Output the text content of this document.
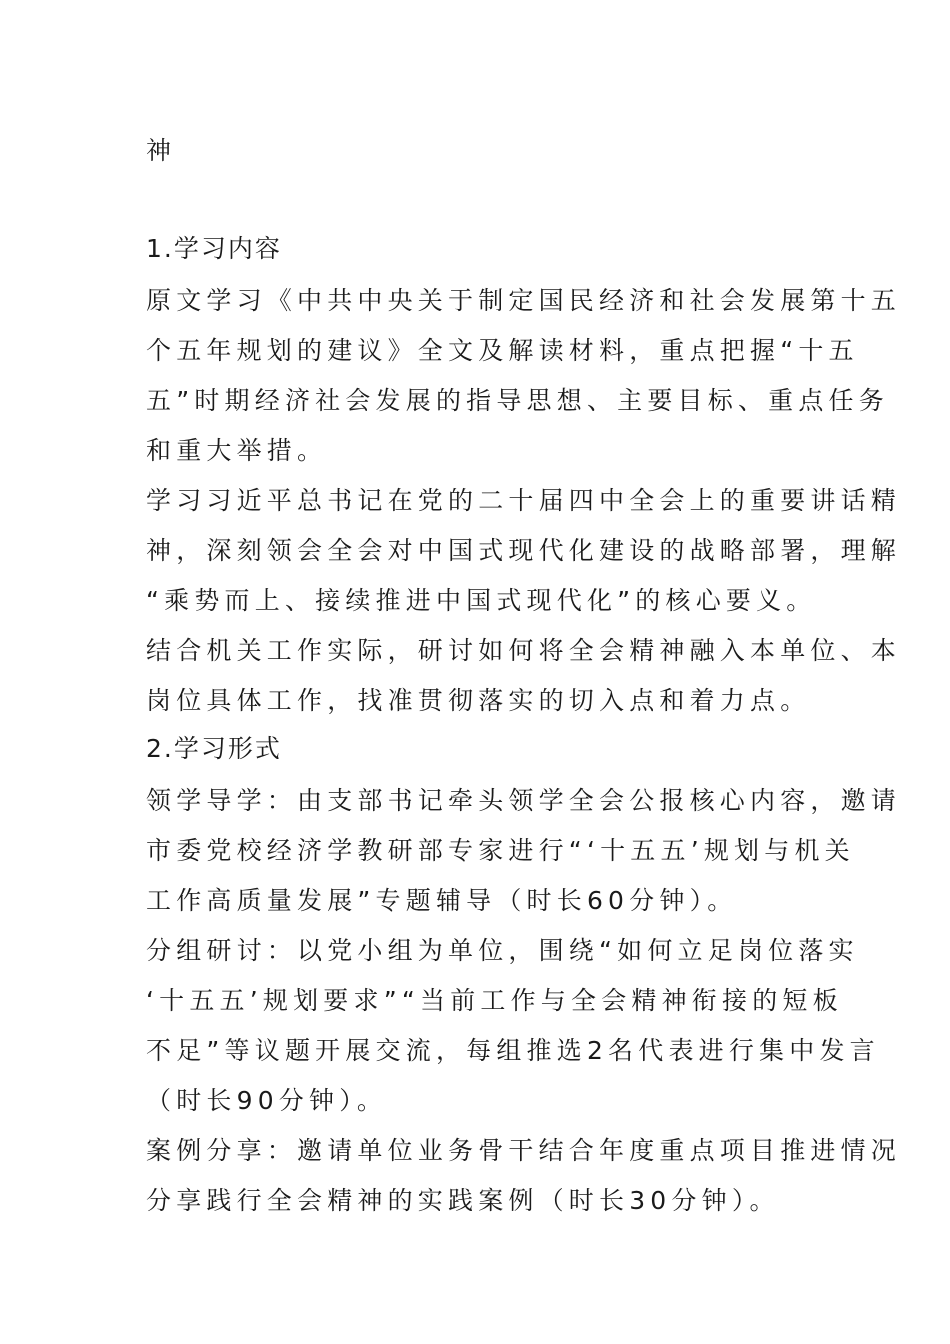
神
1.学习内容
原文学习《中共中央关于制定国民经济和社会发展第十五
个五年规划的建议》全文及解读材料，重点把握“十五
五”时期经济社会发展的指导思想、主要目标、重点任务
和重大举措。
学习习近平总书记在党的二十届四中全会上的重要讲话精
神，深刻领会全会对中国式现代化建设的战略部署，理解
“乘势而上、接续推进中国式现代化”的核心要义。
结合机关工作实际，研讨如何将全会精神融入本单位、本
岗位具体工作，找准贯彻落实的切入点和着力点。
2.学习形式
领学导学：由支部书记牵头领学全会公报核心内容，邀请
市委党校经济学教研部专家进行“‘十五五’规划与机关
工作高质量发展”专题辅导（时长60分钟）。
分组研讨：以党小组为单位，围绕“如何立足岗位落实
‘十五五’规划要求”“当前工作与全会精神衔接的短板
不足”等议题开展交流，每组推选2名代表进行集中发言
（时长90分钟）。
案例分享：邀请单位业务骨干结合年度重点项目推进情况
分享践行全会精神的实践案例（时长30分钟）。
